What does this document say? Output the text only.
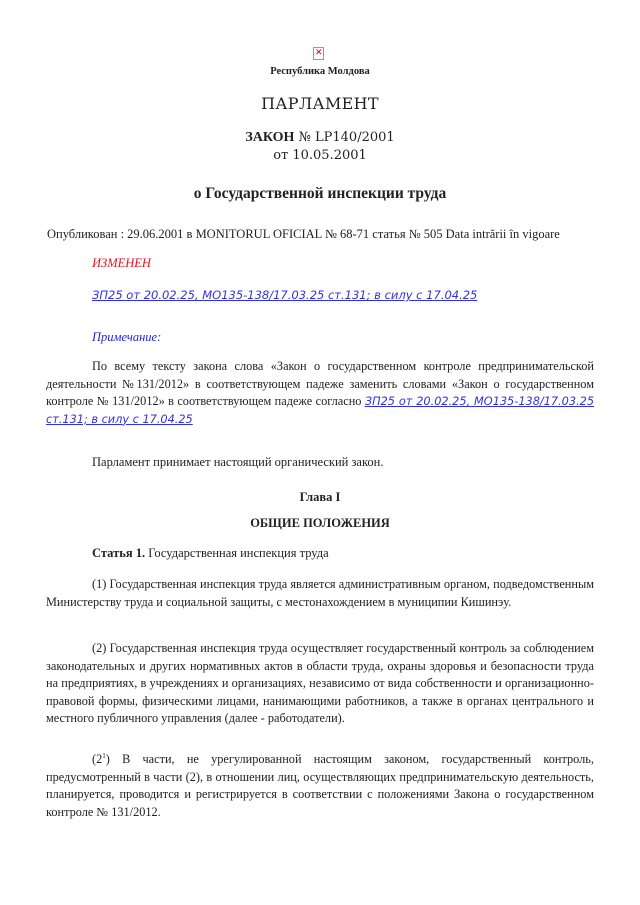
✕
Республика Молдова
ПАРЛАМЕНТ
ЗАКОН № LP140/2001
от 10.05.2001
о Государственной инспекции труда
Опубликован : 29.06.2001 в MONITORUL OFICIAL № 68-71 статья № 505 Data intrării în vigoare
ИЗМЕНЕН
ЗП25 от 20.02.25, MO135-138/17.03.25 ст.131; в силу с 17.04.25
Примечание:
По всему тексту закона слова «Закон о государственном контроле предпринимательской деятельности №131/2012» в соответствующем падеже заменить словами «Закон о государственном контроле № 131/2012» в соответствующем падеже согласно ЗП25 от 20.02.25, MO135-138/17.03.25 ст.131; в силу с 17.04.25
Парламент принимает настоящий органический закон.
Глава I
ОБЩИЕ ПОЛОЖЕНИЯ
Статья 1. Государственная инспекция труда
(1) Государственная инспекция труда является административным органом, подведомственным Министерству труда и социальной защиты, с местонахождением в муниципии Кишинэу.
(2) Государственная инспекция труда осуществляет государственный контроль за соблюдением законодательных и других нормативных актов в области труда, охраны здоровья и безопасности труда на предприятиях, в учреждениях и организациях, независимо от вида собственности и организационно-правовой формы, физическими лицами, нанимающими работников, а также в органах центрального и местного публичного управления (далее - работодатели).
$(2^1)$ В части, не урегулированной настоящим законом, государственный контроль, предусмотренный в части (2), в отношении лиц, осуществляющих предпринимательскую деятельность, планируется, проводится и регистрируется в соответствии с положениями Закона о государственном контроле № 131/2012.
